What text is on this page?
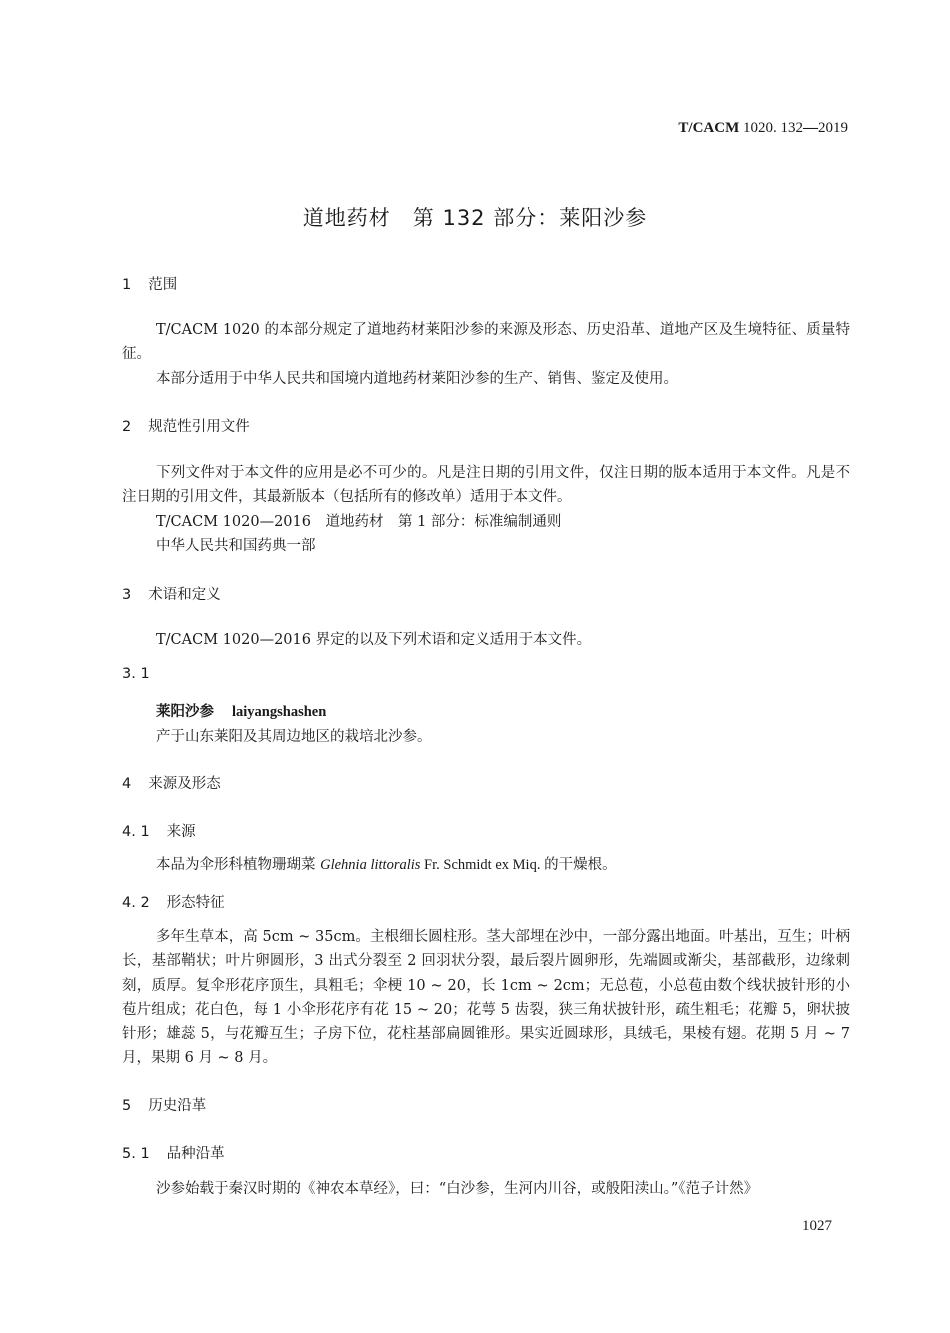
T/CACM 1020. 132—2019
道地药材　第 132 部分：莱阳沙参
1 范围
T/CACM 1020 的本部分规定了道地药材莱阳沙参的来源及形态、历史沿革、道地产区及生境特征、质量特征。
本部分适用于中华人民共和国境内道地药材莱阳沙参的生产、销售、鉴定及使用。
2 规范性引用文件
下列文件对于本文件的应用是必不可少的。凡是注日期的引用文件，仅注日期的版本适用于本文件。凡是不注日期的引用文件，其最新版本（包括所有的修改单）适用于本文件。
T/CACM 1020—2016　道地药材　第 1 部分：标准编制通则
中华人民共和国药典一部
3 术语和定义
T/CACM 1020—2016 界定的以及下列术语和定义适用于本文件。
3. 1
莱阳沙参 laiyangshashen
产于山东莱阳及其周边地区的栽培北沙参。
4 来源及形态
4. 1 来源
本品为伞形科植物珊瑚菜 Glehnia littoralis Fr. Schmidt ex Miq. 的干燥根。
4. 2 形态特征
多年生草本，高 5cm ~ 35cm。主根细长圆柱形。茎大部埋在沙中，一部分露出地面。叶基出，互生；叶柄长，基部鞘状；叶片卵圆形，3 出式分裂至 2 回羽状分裂，最后裂片圆卵形，先端圆或渐尖，基部截形，边缘刺刻，质厚。复伞形花序顶生，具粗毛；伞梗 10 ~ 20，长 1cm ~ 2cm；无总苞，小总苞由数个线状披针形的小苞片组成；花白色，每 1 小伞形花序有花 15 ~ 20；花萼 5 齿裂，狭三角状披针形，疏生粗毛；花瓣 5，卵状披针形；雄蕊 5，与花瓣互生；子房下位，花柱基部扁圆锥形。果实近圆球形，具绒毛，果棱有翅。花期 5 月 ~ 7 月，果期 6 月 ~ 8 月。
5 历史沿革
5. 1 品种沿革
沙参始载于秦汉时期的《神农本草经》，曰：“白沙参，生河内川谷，或般阳渎山。”《范子计然》
1027
